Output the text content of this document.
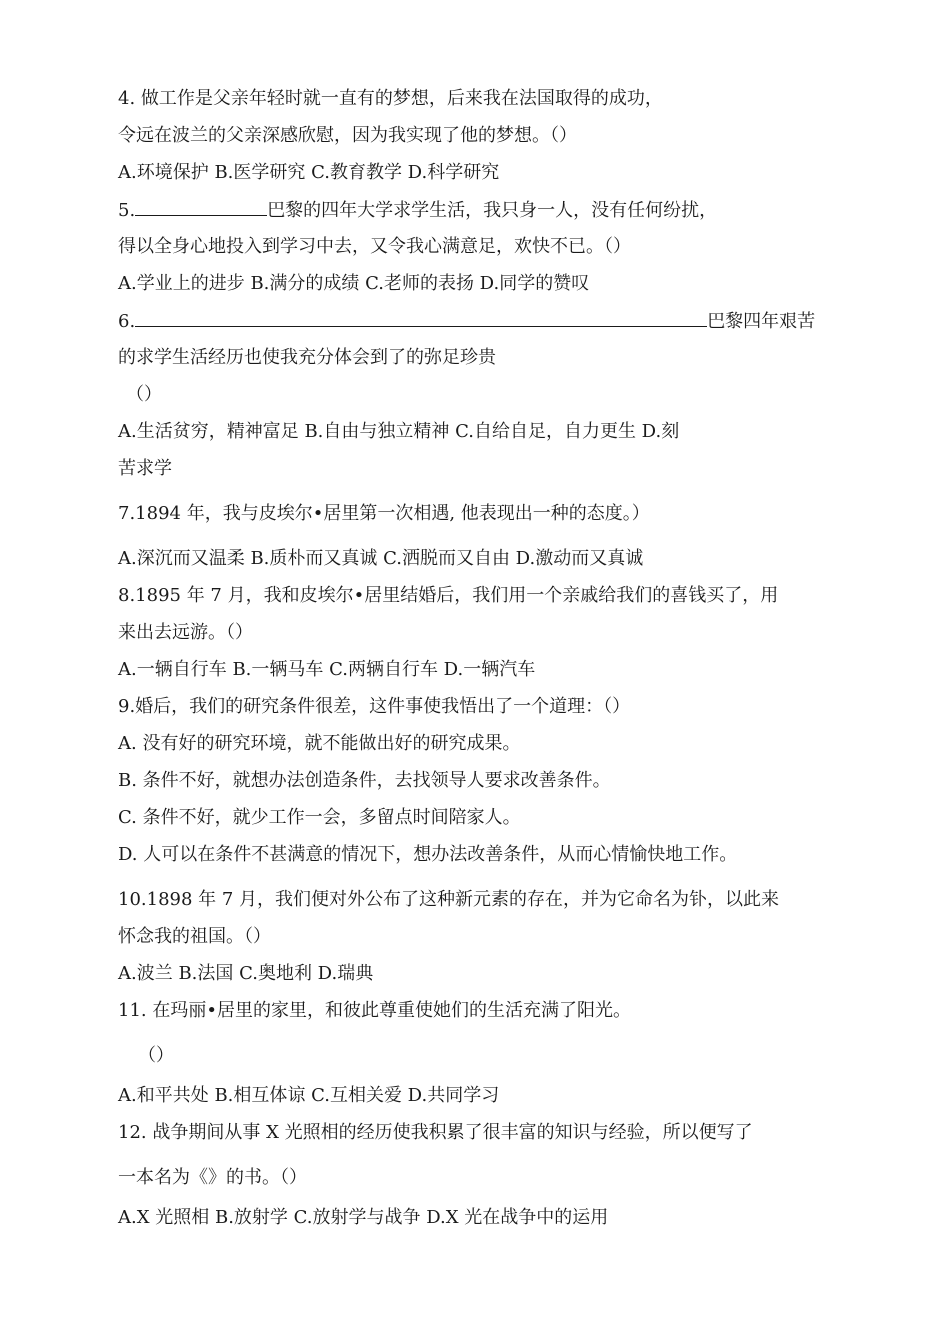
4. 做工作是父亲年轻时就一直有的梦想，后来我在法国取得的成功，

令远在波兰的父亲深感欣慰，因为我实现了他的梦想。（）

A.环境保护 B.医学研究 C.教育教学 D.科学研究

5.	巴黎的四年大学求学生活，我只身一人，没有任何纷扰，

得以全身心地投入到学习中去，又令我心满意足，欢快不已。（）

A.学业上的进步 B.满分的成绩 C.老师的表扬 D.同学的赞叹

6.	巴黎四年艰苦

的求学生活经历也使我充分体会到了的弥足珍贵

（）

A.生活贫穷，精神富足 B.自由与独立精神 C.自给自足，自力更生 D.刻

苦求学

7.1894 年，我与皮埃尔•居里第一次相遇, 他表现出一种的态度。）

A.深沉而又温柔 B.质朴而又真诚 C.洒脱而又自由 D.激动而又真诚

8.1895 年 7 月，我和皮埃尔•居里结婚后，我们用一个亲戚给我们的喜钱买了，用

来出去远游。（）

A.一辆自行车 B.一辆马车 C.两辆自行车 D.一辆汽车

9.婚后，我们的研究条件很差，这件事使我悟出了一个道理：（）

A. 没有好的研究环境，就不能做出好的研究成果。

B. 条件不好，就想办法创造条件，去找领导人要求改善条件。

C. 条件不好，就少工作一会，多留点时间陪家人。

D. 人可以在条件不甚满意的情况下，想办法改善条件，从而心情愉快地工作。

10.1898 年 7 月，我们便对外公布了这种新元素的存在，并为它命名为钋，以此来

怀念我的祖国。（）

A.波兰 B.法国 C.奥地利 D.瑞典

11. 在玛丽•居里的家里，和彼此尊重使她们的生活充满了阳光。

（）

A.和平共处 B.相互体谅 C.互相关爱 D.共同学习

12. 战争期间从事 X 光照相的经历使我积累了很丰富的知识与经验，所以便写了

一本名为《》的书。（）

A.X 光照相 B.放射学 C.放射学与战争 D.X 光在战争中的运用
